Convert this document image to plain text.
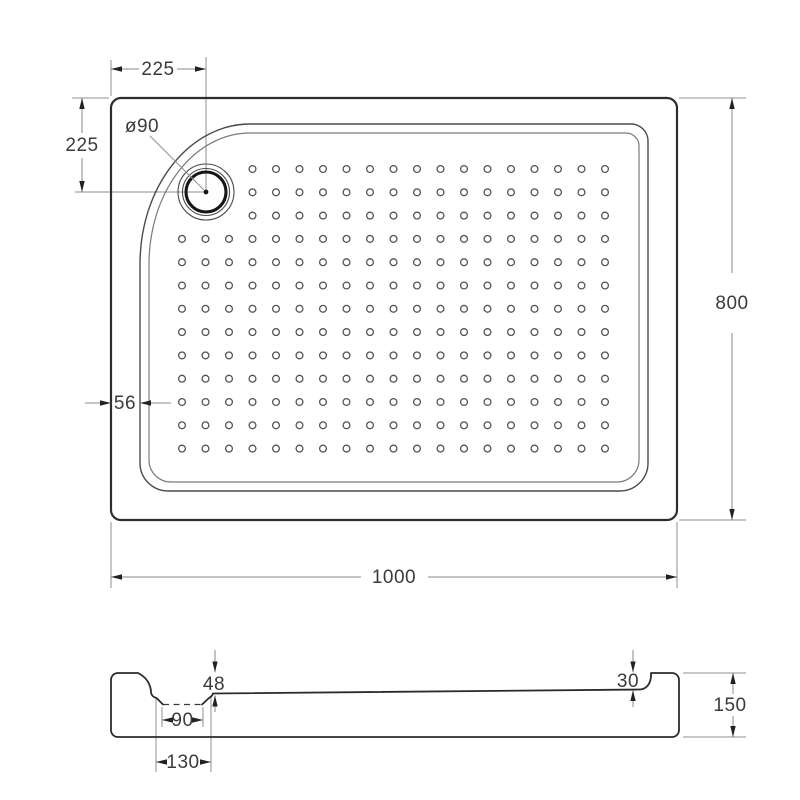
225
225
ø90
56
800
1000
48	30
90
130
150
